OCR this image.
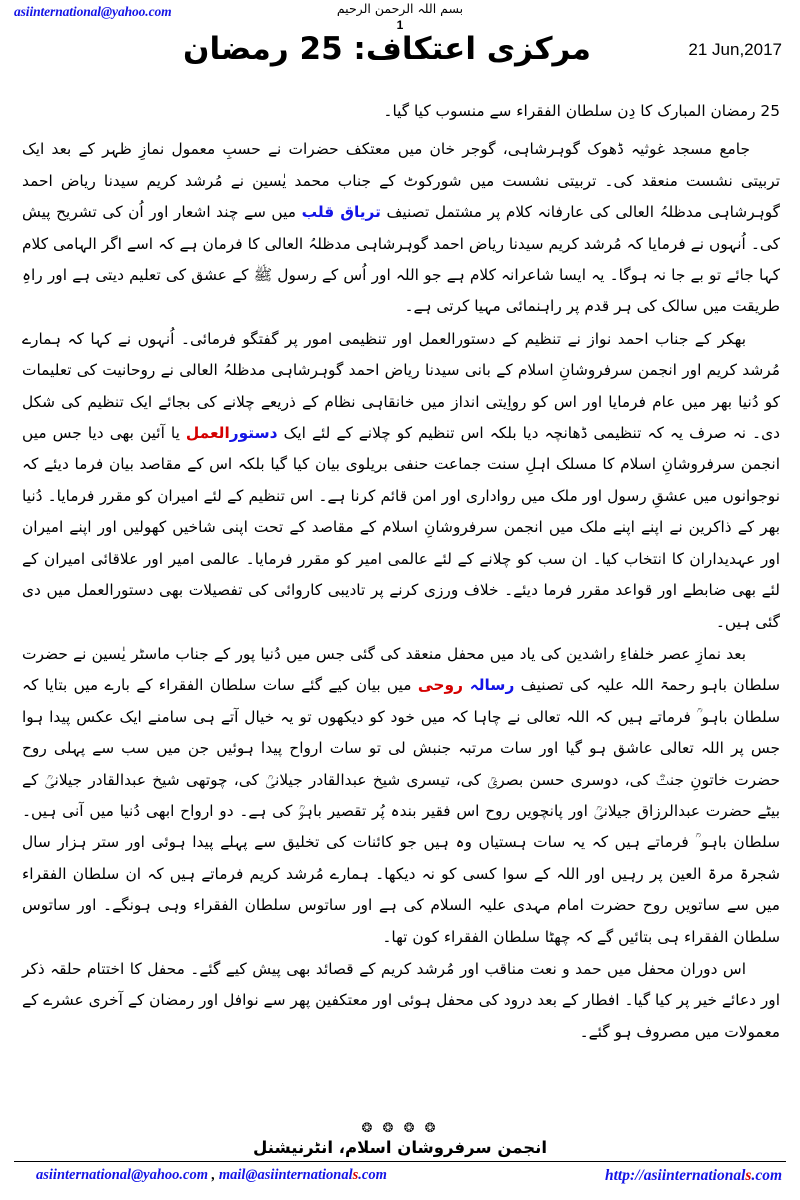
asiinternational@yahoo.com	بسم اللہ الرحمن الرحیم
1
21 Jun,2017
مرکزی اعتکاف: 25 رمضان

25 رمضان المبارک کا دِن سلطان الفقراء سے منسوب کیا گیا۔

جامع مسجد غوثیہ ڈھوک گوہرشاہی، گوجر خان میں معتکف حضرات نے حسبِ معمول نمازِ ظہر کے بعد ایک تربیتی نشست منعقد کی۔ تربیتی نشست میں شورکوٹ کے جناب محمد یٰسین نے مُرشد کریم سیدنا ریاض احمد گوہرشاہی مدظلہُ العالی کی عارفانہ کلام پر مشتمل تصنیف تریاق قلب میں سے چند اشعار اور اُن کی تشریح پیش کی۔ اُنہوں نے فرمایا کہ مُرشد کریم سیدنا ریاض احمد گوہرشاہی مدظلہُ العالی کا فرمان ہے کہ اسے اگر الہامی کلام کہا جائے تو بے جا نہ ہوگا۔ یہ ایسا شاعرانہ کلام ہے جو اللہ اور اُس کے رسول ﷺ کے عشق کی تعلیم دیتی ہے اور راہِ طریقت میں سالک کی ہر قدم پر راہنمائی مہیا کرتی ہے۔

بھکر کے جناب احمد نواز نے تنظیم کے دستورالعمل اور تنظیمی امور پر گفتگو فرمائی۔ اُنہوں نے کہا کہ ہمارے مُرشد کریم اور انجمن سرفروشانِ اسلام کے بانی سیدنا ریاض احمد گوہرشاہی مدظلہُ العالی نے روحانیت کی تعلیمات کو دُنیا بھر میں عام فرمایا اور اس کو رواِیتی انداز میں خانقاہی نظام کے ذریعے چلانے کی بجائے ایک تنظیم کی شکل دی۔ نہ صرف یہ کہ تنظیمی ڈھانچہ دیا بلکہ اس تنظیم کو چلانے کے لئے ایک دستورالعمل یا آئین بھی دیا جس میں انجمن سرفروشانِ اسلام کا مسلک اہلِ سنت جماعت حنفی بریلوی بیان کیا گیا بلکہ اس کے مقاصد بیان فرما دیئے کہ نوجوانوں میں عشقِ رسول اور ملک میں رواداری اور امن قائم کرنا ہے۔ اس تنظیم کے لئے امیران کو مقرر فرمایا۔ دُنیا بھر کے ذاکرین نے اپنے اپنے ملک میں انجمن سرفروشانِ اسلام کے مقاصد کے تحت اپنی شاخیں کھولیں اور اپنے امیران اور عہدیداران کا انتخاب کیا۔ ان سب کو چلانے کے لئے عالمی امیر کو مقرر فرمایا۔ عالمی امیر اور علاقائی امیران کے لئے بھی ضابطے اور قواعد مقرر فرما دیئے۔ خلاف ورزی کرنے پر تادیبی کاروائی کی تفصیلات بھی دستورالعمل میں دی گئی ہیں۔

بعد نمازِ عصر خلفاءِ راشدین کی یاد میں محفل منعقد کی گئی جس میں دُنیا پور کے جناب ماسٹر یٰسین نے حضرت سلطان باہو رحمۃ اللہ علیہ کی تصنیف رسالہ روحی میں بیان کیے گئے سات سلطان الفقراء کے بارے میں بتایا کہ سلطان باہو ؒ فرماتے ہیں کہ اللہ تعالی نے چاہا کہ میں خود کو دیکھوں تو یہ خیال آتے ہی سامنے ایک عکس پیدا ہوا جس پر اللہ تعالی عاشق ہو گیا اور سات مرتبہ جنبش لی تو سات ارواح پیدا ہوئیں جن میں سب سے پہلی روح حضرت خاتونِ جنتؓ کی، دوسری حسن بصریؒ کی، تیسری شیخ عبدالقادر جیلانیؒ کی، چوتھی شیخ عبدالقادر جیلانیؒ کے بیٹے حضرت عبدالرزاق جیلانیؒ اور پانچویں روح اس فقیر بندہ پُر تقصیر باہوؒ کی ہے۔ دو ارواح ابھی دُنیا میں آنی ہیں۔ سلطان باہو ؒ فرماتے ہیں کہ یہ سات ہستیاں وہ ہیں جو کائنات کی تخلیق سے پہلے پیدا ہوئی اور ستر ہزار سال شجرۃ مرۃ العین پر رہیں اور اللہ کے سوا کسی کو نہ دیکھا۔ ہمارے مُرشد کریم فرماتے ہیں کہ ان سلطان الفقراء میں سے ساتویں روح حضرت امام مہدی علیہ السلام کی ہے اور ساتوس سلطان الفقراء وہی ہونگے۔ اور ساتوس سلطان الفقراء ہی بتائیں گے کہ چھٹا سلطان الفقراء کون تھا۔

اس دوران محفل میں حمد و نعت مناقب اور مُرشد کریم کے قصائد بھی پیش کیے گئے۔ محفل کا اختتام حلقہ ذکر اور دعائے خیر پر کیا گیا۔ افطار کے بعد درود کی محفل ہوئی اور معتکفین پھر سے نوافل اور رمضان کے آخری عشرے کے معمولات میں مصروف ہو گئے۔

❂ ❂ ❂ ❂
انجمن سرفروشان اسلام، انٹرنیشنل
asiinternational@yahoo.com , mail@asiinternationals.com	http://asiinternationals.com
